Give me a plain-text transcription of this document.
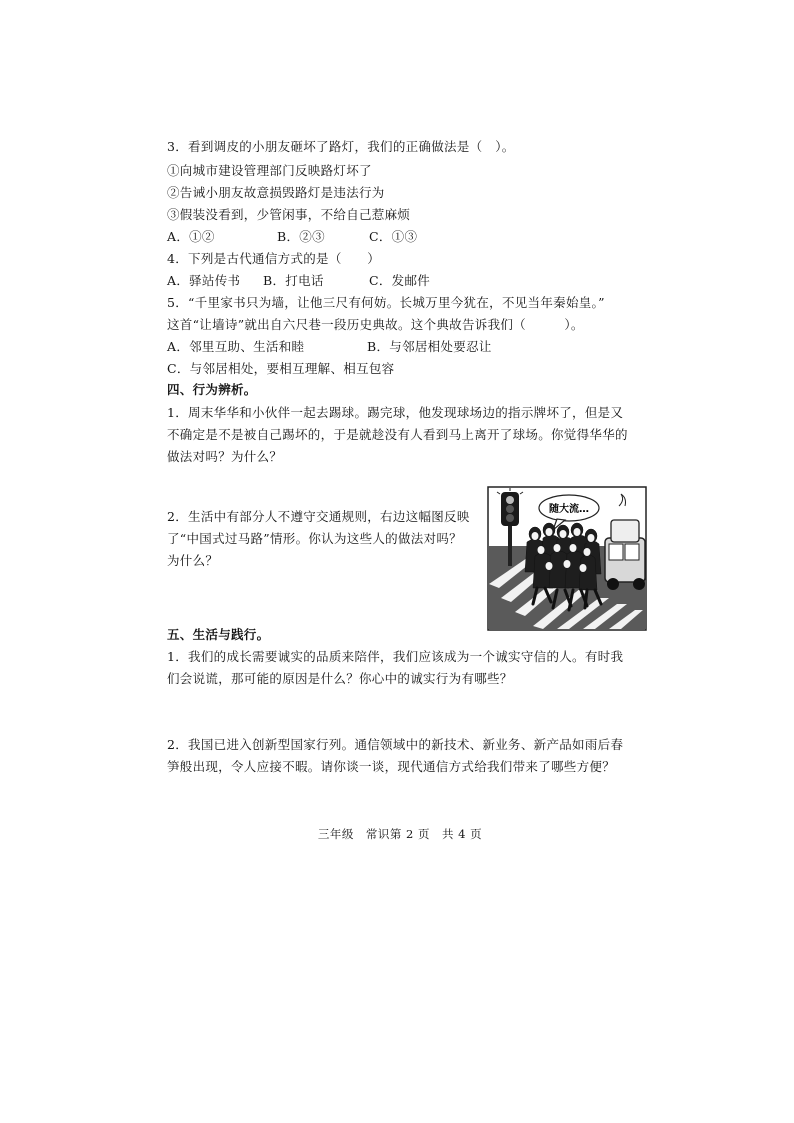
3．看到调皮的小朋友砸坏了路灯，我们的正确做法是（　）。
①向城市建设管理部门反映路灯坏了
②告诫小朋友故意损毁路灯是违法行为
③假装没看到，少管闲事，不给自己惹麻烦
A．①②	B．②③	C．①③
4．下列是古代通信方式的是（　　）
A．驿站传书 B．打电话	C．发邮件
5．“千里家书只为墙，让他三尺有何妨。长城万里今犹在，不见当年秦始皇。”
这首“让墙诗”就出自六尺巷一段历史典故。这个典故告诉我们（　　　）。
A．邻里互助、生活和睦	B．与邻居相处要忍让
C．与邻居相处，要相互理解、相互包容
四、行为辨析。
1．周末华华和小伙伴一起去踢球。踢完球，他发现球场边的指示牌坏了，但是又
不确定是不是被自己踢坏的，于是就趁没有人看到马上离开了球场。你觉得华华的
做法对吗？为什么？
2．生活中有部分人不遵守交通规则，右边这幅图反映
了“中国式过马路”情形。你认为这些人的做法对吗？
为什么？
随大流…
五、生活与践行。
1．我们的成长需要诚实的品质来陪伴，我们应该成为一个诚实守信的人。有时我
们会说谎，那可能的原因是什么？你心中的诚实行为有哪些？
2．我国已进入创新型国家行列。通信领域中的新技术、新业务、新产品如雨后春
笋般出现，令人应接不暇。请你谈一谈，现代通信方式给我们带来了哪些方便？
三年级　常识第 2 页　共 4 页
